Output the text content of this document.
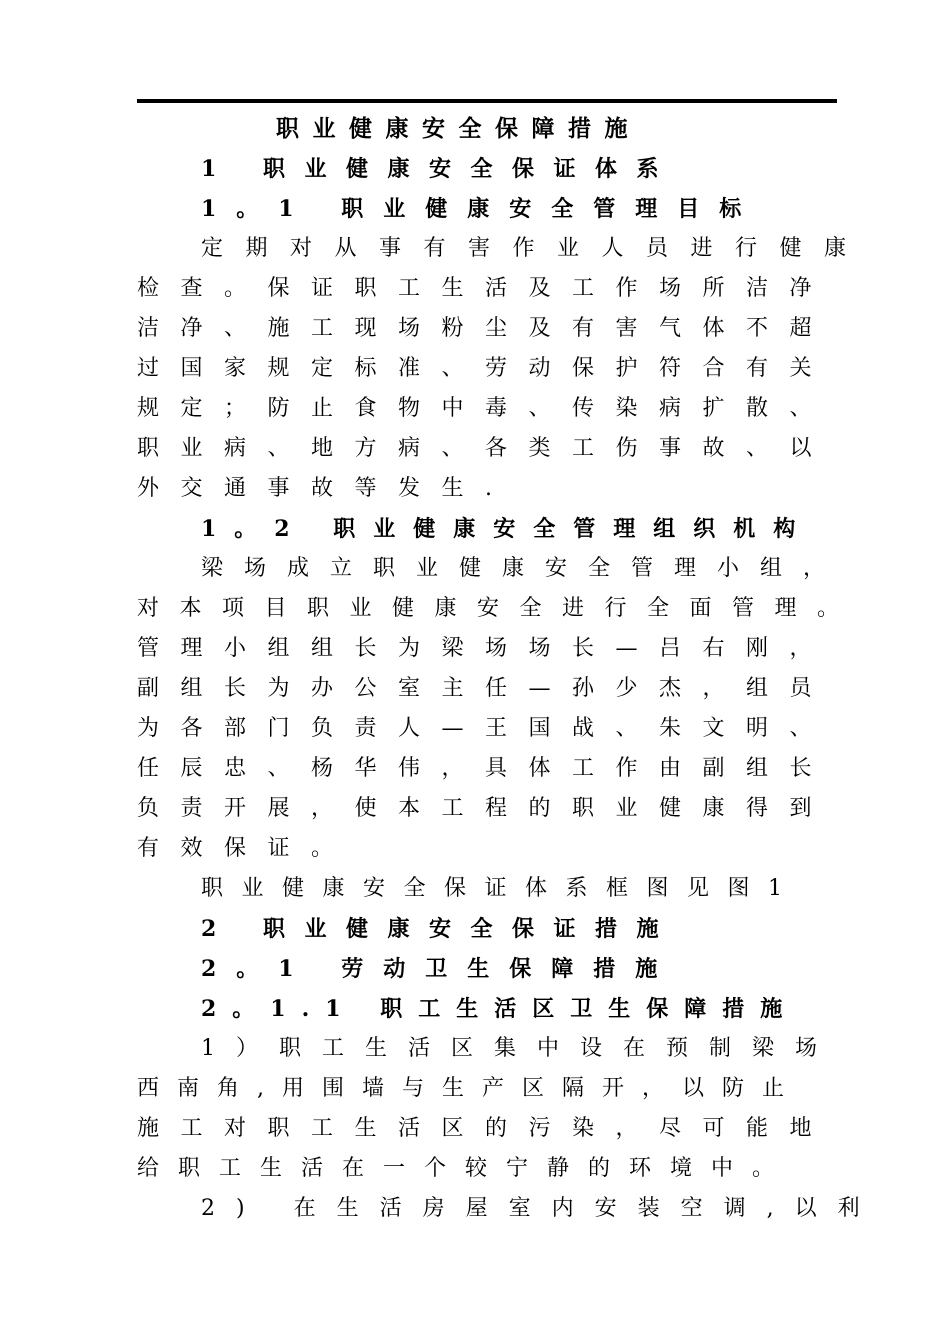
职业健康安全保障措施
1 职业健康安全保证体系
1。1 职业健康安全管理目标
定期对从事有害作业人员进行健康
检查。保证职工生活及工作场所洁净
洁净、施工现场粉尘及有害气体不超
过国家规定标准、劳动保护符合有关
规定；防止食物中毒、传染病扩散、
职业病、地方病、各类工伤事故、以
外交通事故等发生.
1。2 职业健康安全管理组织机构
梁场成立职业健康安全管理小组，
对本项目职业健康安全进行全面管理。
管理小组组长为梁场场长—吕右刚，
副组长为办公室主任—孙少杰，组员
为各部门负责人—王国战、朱文明、
任辰忠、杨华伟，具体工作由副组长
负责开展，使本工程的职业健康得到
有效保证。
职业健康安全保证体系框图见图1
2 职业健康安全保证措施
2。1 劳动卫生保障措施
2。1.1 职工生活区卫生保障措施
1）职工生活区集中设在预制梁场
西南角,用围墙与生产区隔开，以防止
施工对职工生活区的污染，尽可能地
给职工生活在一个较宁静的环境中。
2) 在生活房屋室内安装空调,以利
